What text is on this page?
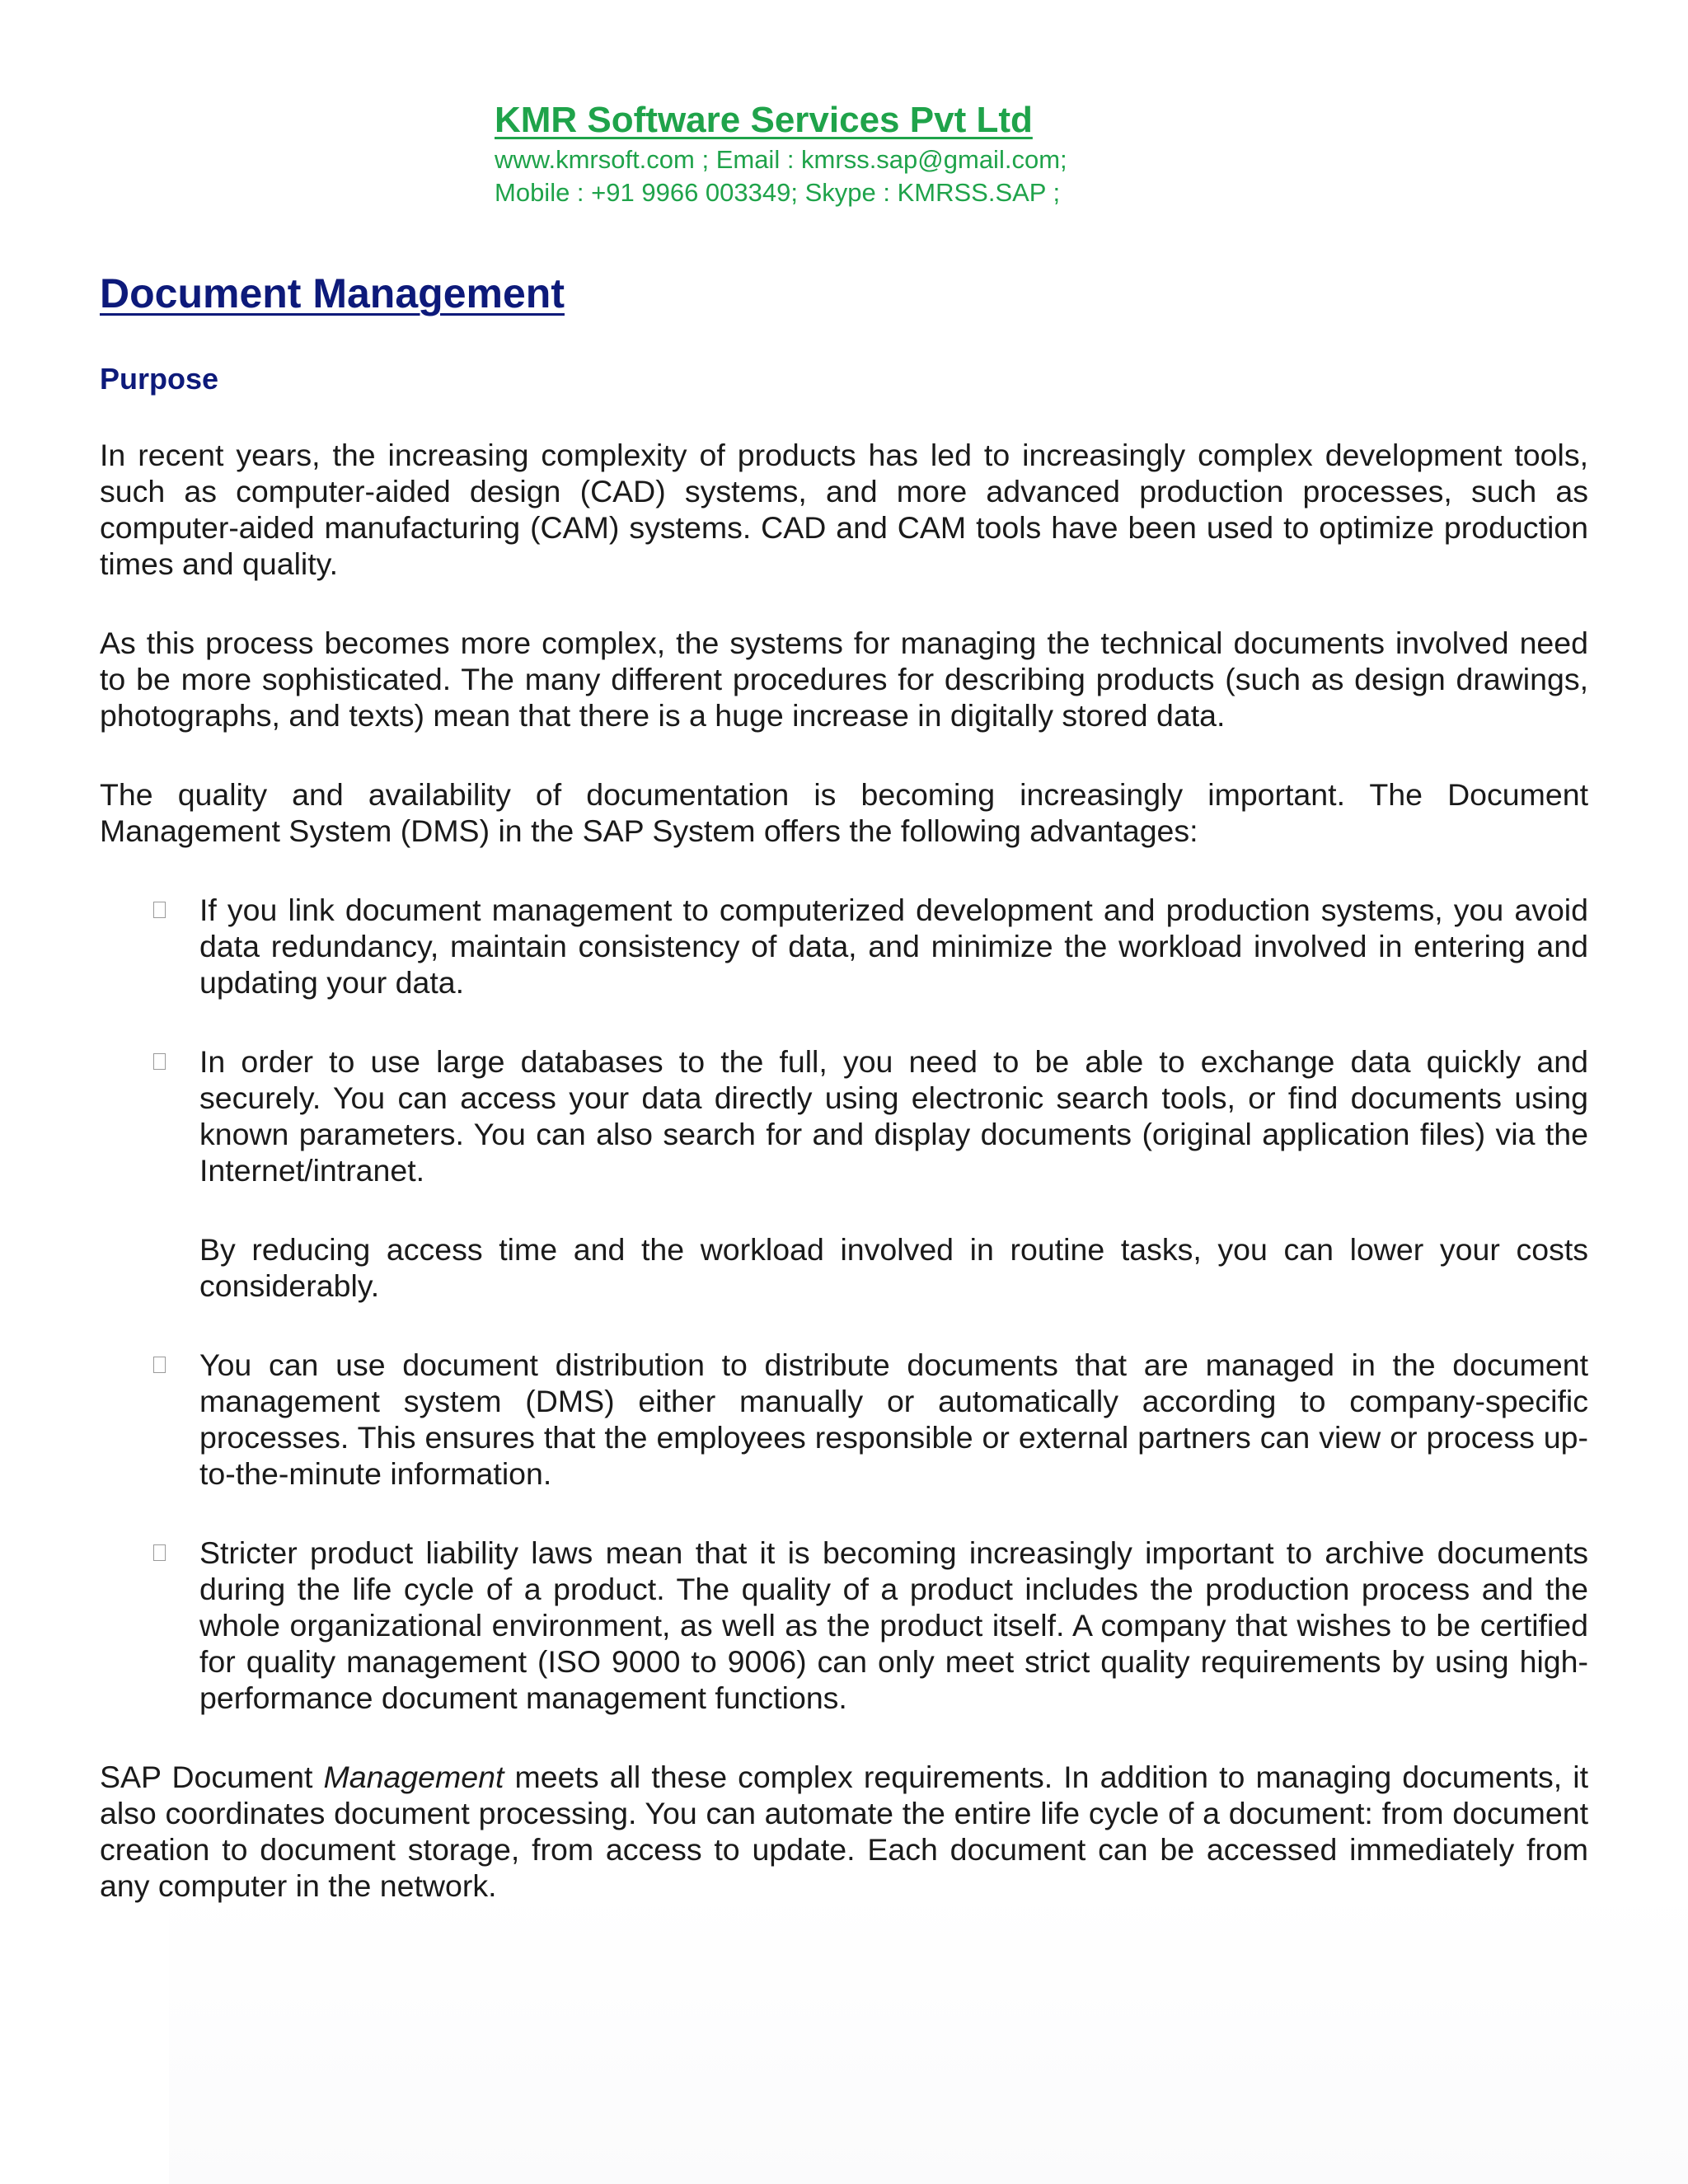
KMR Software Services Pvt Ltd
www.kmrsoft.com ; Email : kmrss.sap@gmail.com;
Mobile : +91 9966 003349; Skype : KMRSS.SAP ;
Document Management
Purpose

In recent years, the increasing complexity of products has led to increasingly complex development tools, such as computer-aided design (CAD) systems, and more advanced production processes, such as computer-aided manufacturing (CAM) systems. CAD and CAM tools have been used to optimize production times and quality.

As this process becomes more complex, the systems for managing the technical documents involved need to be more sophisticated. The many different procedures for describing products (such as design drawings, photographs, and texts) mean that there is a huge increase in digitally stored data.

The quality and availability of documentation is becoming increasingly important. The Document Management System (DMS) in the SAP System offers the following advantages:

If you link document management to computerized development and production systems, you avoid data redundancy, maintain consistency of data, and minimize the workload involved in entering and updating your data.
In order to use large databases to the full, you need to be able to exchange data quickly and securely. You can access your data directly using electronic search tools, or find documents using known parameters. You can also search for and display documents (original application files) via the Internet/intranet.

By reducing access time and the workload involved in routine tasks, you can lower your costs considerably.

You can use document distribution to distribute documents that are managed in the document management system (DMS) either manually or automatically according to company-specific processes. This ensures that the employees responsible or external partners can view or process up-to-the-minute information.
Stricter product liability laws mean that it is becoming increasingly important to archive documents during the life cycle of a product. The quality of a product includes the production process and the whole organizational environment, as well as the product itself. A company that wishes to be certified for quality management (ISO 9000 to 9006) can only meet strict quality requirements by using high-performance document management functions.

SAP Document Management meets all these complex requirements. In addition to managing documents, it also coordinates document processing. You can automate the entire life cycle of a document: from document creation to document storage, from access to update. Each document can be accessed immediately from any computer in the network.
